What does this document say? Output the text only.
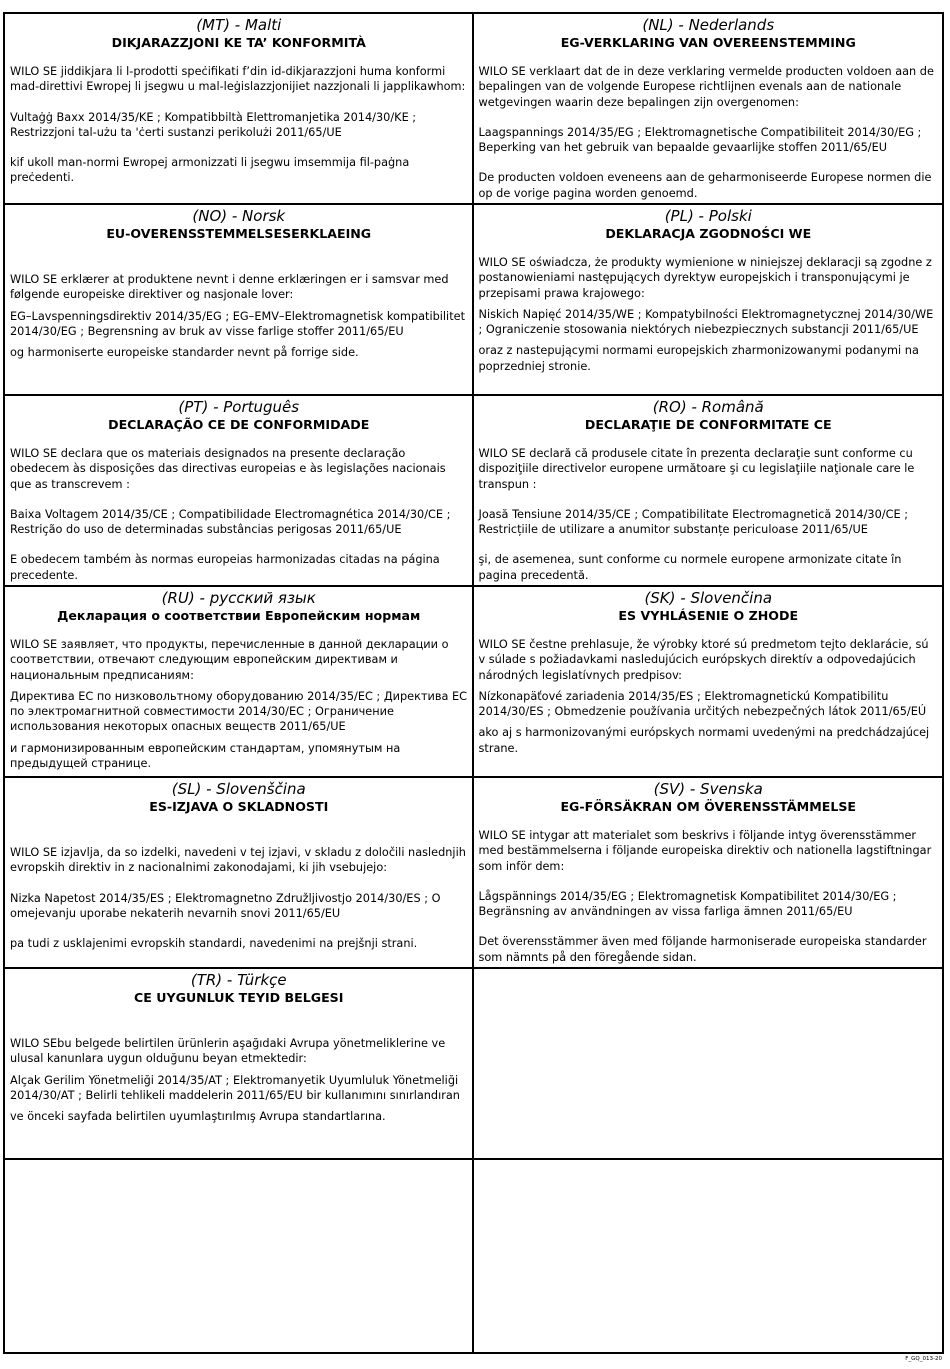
(MT) - Malti
DIKJARAZZJONI KE TA’ KONFORMITÀ
WILO SE jiddikjara li l-prodotti speċifikati f’din id-dikjarazzjoni huma konformi mad-direttivi Ewropej li jsegwu u mal-leġislazzjonijiet nazzjonali li japplikawhom:
Vultaġġ Baxx 2014/35/KE ; Kompatibbiltà Elettromanjetika 2014/30/KE ; Restrizzjoni tal-użu ta 'ċerti sustanzi perikolużi 2011/65/UE
kif ukoll man-normi Ewropej armonizzati li jsegwu imsemmija fil-paġna preċedenti.
(NL) - Nederlands
EG-VERKLARING VAN OVEREENSTEMMING
WILO SE verklaart dat de in deze verklaring vermelde producten voldoen aan de bepalingen van de volgende Europese richtlijnen evenals aan de nationale wetgevingen waarin deze bepalingen zijn overgenomen:
Laagspannings 2014/35/EG ; Elektromagnetische Compatibiliteit 2014/30/EG ; Beperking van het gebruik van bepaalde gevaarlijke stoffen 2011/65/EU
De producten voldoen eveneens aan de geharmoniseerde Europese normen die op de vorige pagina worden genoemd.
(NO) - Norsk
EU-OVERENSSTEMMELSESERKLAEING
WILO SE erklærer at produktene nevnt i denne erklæringen er i samsvar med følgende europeiske direktiver og nasjonale lover:
EG–Lavspenningsdirektiv 2014/35/EG ; EG–EMV–Elektromagnetisk kompatibilitet 2014/30/EG ; Begrensning av bruk av visse farlige stoffer 2011/65/EU
og harmoniserte europeiske standarder nevnt på forrige side.
(PL) - Polski
DEKLARACJA ZGODNOŚCI WE
WILO SE oświadcza, że produkty wymienione w niniejszej deklaracji są zgodne z postanowieniami następujących dyrektyw europejskich i transponującymi je przepisami prawa krajowego:
Niskich Napięć 2014/35/WE ; Kompatybilności Elektromagnetycznej 2014/30/WE ; Ograniczenie stosowania niektórych niebezpiecznych substancji 2011/65/UE
oraz z nastepującymi normami europejskich zharmonizowanymi podanymi na poprzedniej stronie.
(PT) - Português
DECLARAÇÃO CE DE CONFORMIDADE
WILO SE declara que os materiais designados na presente declaração obedecem às disposições das directivas europeias e às legislações nacionais que as transcrevem :
Baixa Voltagem 2014/35/CE ; Compatibilidade Electromagnética 2014/30/CE ; Restrição do uso de determinadas substâncias perigosas 2011/65/UE
E obedecem também às normas europeias harmonizadas citadas na página precedente.
(RO) - Română
DECLARAŢIE DE CONFORMITATE CE
WILO SE declară că produsele citate în prezenta declaraţie sunt conforme cu dispoziţiile directivelor europene următoare şi cu legislaţiile naţionale care le transpun :
Joasă Tensiune 2014/35/CE ; Compatibilitate Electromagnetică 2014/30/CE ; Restricțiile de utilizare a anumitor substanțe periculoase 2011/65/UE
şi, de asemenea, sunt conforme cu normele europene armonizate citate în pagina precedentă.
(RU) - русский язык
Декларация о соответствии Европейским нормам
WILO SE заявляет, что продукты, перечисленные в данной декларации о соответствии, отвечают следующим европейским директивам и национальным предписаниям:
Директива ЕС по низковольтному оборудованию 2014/35/ЕС ; Директива ЕС по электромагнитной совместимости 2014/30/ЕС ; Ограничение использования некоторых опасных веществ 2011/65/UE
и гармонизированным европейским стандартам, упомянутым на предыдущей странице.
(SK) - Slovenčina
ES VYHLÁSENIE O ZHODE
WILO SE čestne prehlasuje, že výrobky ktoré sú predmetom tejto deklarácie, sú v súlade s požiadavkami nasledujúcich európskych direktív a odpovedajúcich národných legislatívnych predpisov:
Nízkonapäťové zariadenia 2014/35/ES ; Elektromagnetickú Kompatibilitu 2014/30/ES ; Obmedzenie používania určitých nebezpečných látok 2011/65/EÚ
ako aj s harmonizovanými európskych normami uvedenými na predchádzajúcej strane.
(SL) - Slovenščina
ES-IZJAVA O SKLADNOSTI
WILO SE izjavlja, da so izdelki, navedeni v tej izjavi, v skladu z določili naslednjih evropskih direktiv in z nacionalnimi zakonodajami, ki jih vsebujejo:
Nizka Napetost 2014/35/ES ; Elektromagnetno Združljivostjo 2014/30/ES ; O omejevanju uporabe nekaterih nevarnih snovi 2011/65/EU
pa tudi z usklajenimi evropskih standardi, navedenimi na prejšnji strani.
(SV) - Svenska
EG-FÖRSÄKRAN OM ÖVERENSSTÄMMELSE
WILO SE intygar att materialet som beskrivs i följande intyg överensstämmer med bestämmelserna i följande europeiska direktiv och nationella lagstiftningar som inför dem:
Lågspännings 2014/35/EG ; Elektromagnetisk Kompatibilitet 2014/30/EG ; Begränsning av användningen av vissa farliga ämnen 2011/65/EU
Det överensstämmer även med följande harmoniserade europeiska standarder som nämnts på den föregående sidan.
(TR) - Türkçe
CE UYGUNLUK TEYID BELGESI
WILO SEbu belgede belirtilen ürünlerin aşağıdaki Avrupa yönetmeliklerine ve ulusal kanunlara uygun olduğunu beyan etmektedir:
Alçak Gerilim Yönetmeliği 2014/35/AT ; Elektromanyetik Uyumluluk Yönetmeliği 2014/30/AT ; Belirli tehlikeli maddelerin 2011/65/EU bir kullanımını sınırlandıran
ve önceki sayfada belirtilen uyumlaştırılmış Avrupa standartlarına.
F_GQ_013-20
